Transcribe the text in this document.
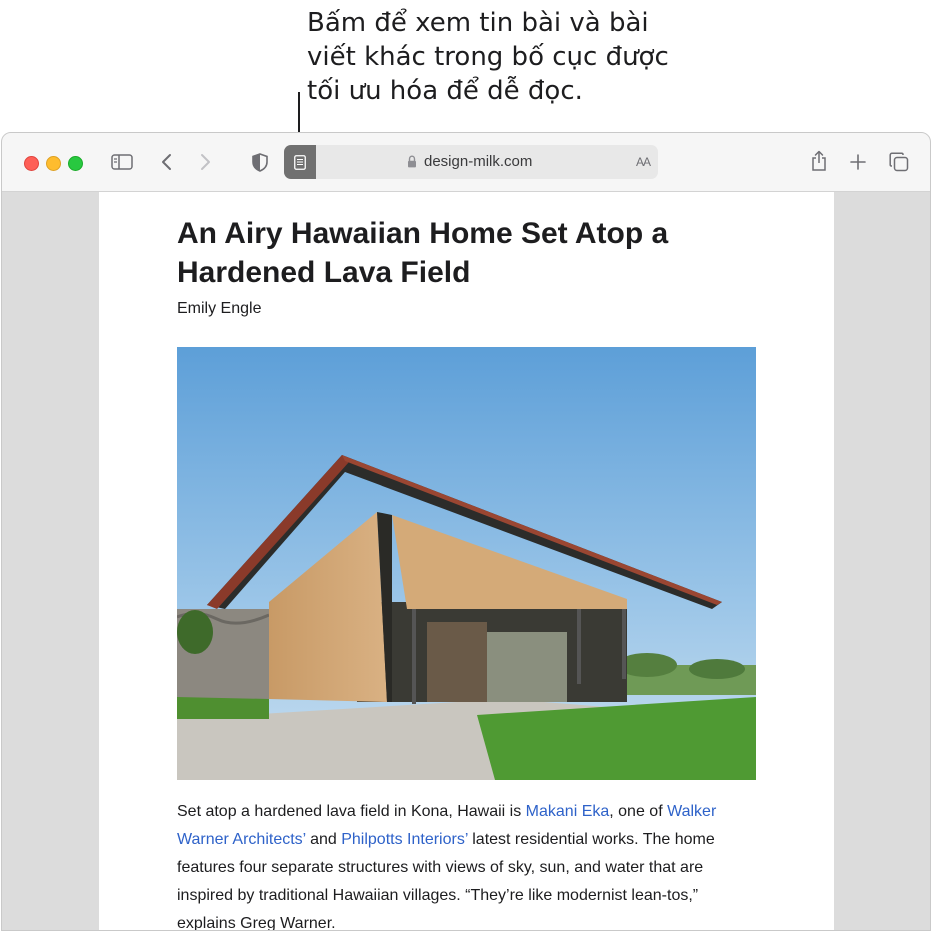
Bấm để xem tin bài và bài
viết khác trong bố cục được
tối ưu hóa để dễ đọc.
design-milk.com	AA
An Airy Hawaiian Home Set Atop a Hardened Lava Field
Emily Engle
Set atop a hardened lava field in Kona, Hawaii is Makani Eka, one of Walker Warner Architects’ and Philpotts Interiors’ latest residential works. The home features four separate structures with views of sky, sun, and water that are inspired by traditional Hawaiian villages. “They’re like modernist lean-tos,” explains Greg Warner.
